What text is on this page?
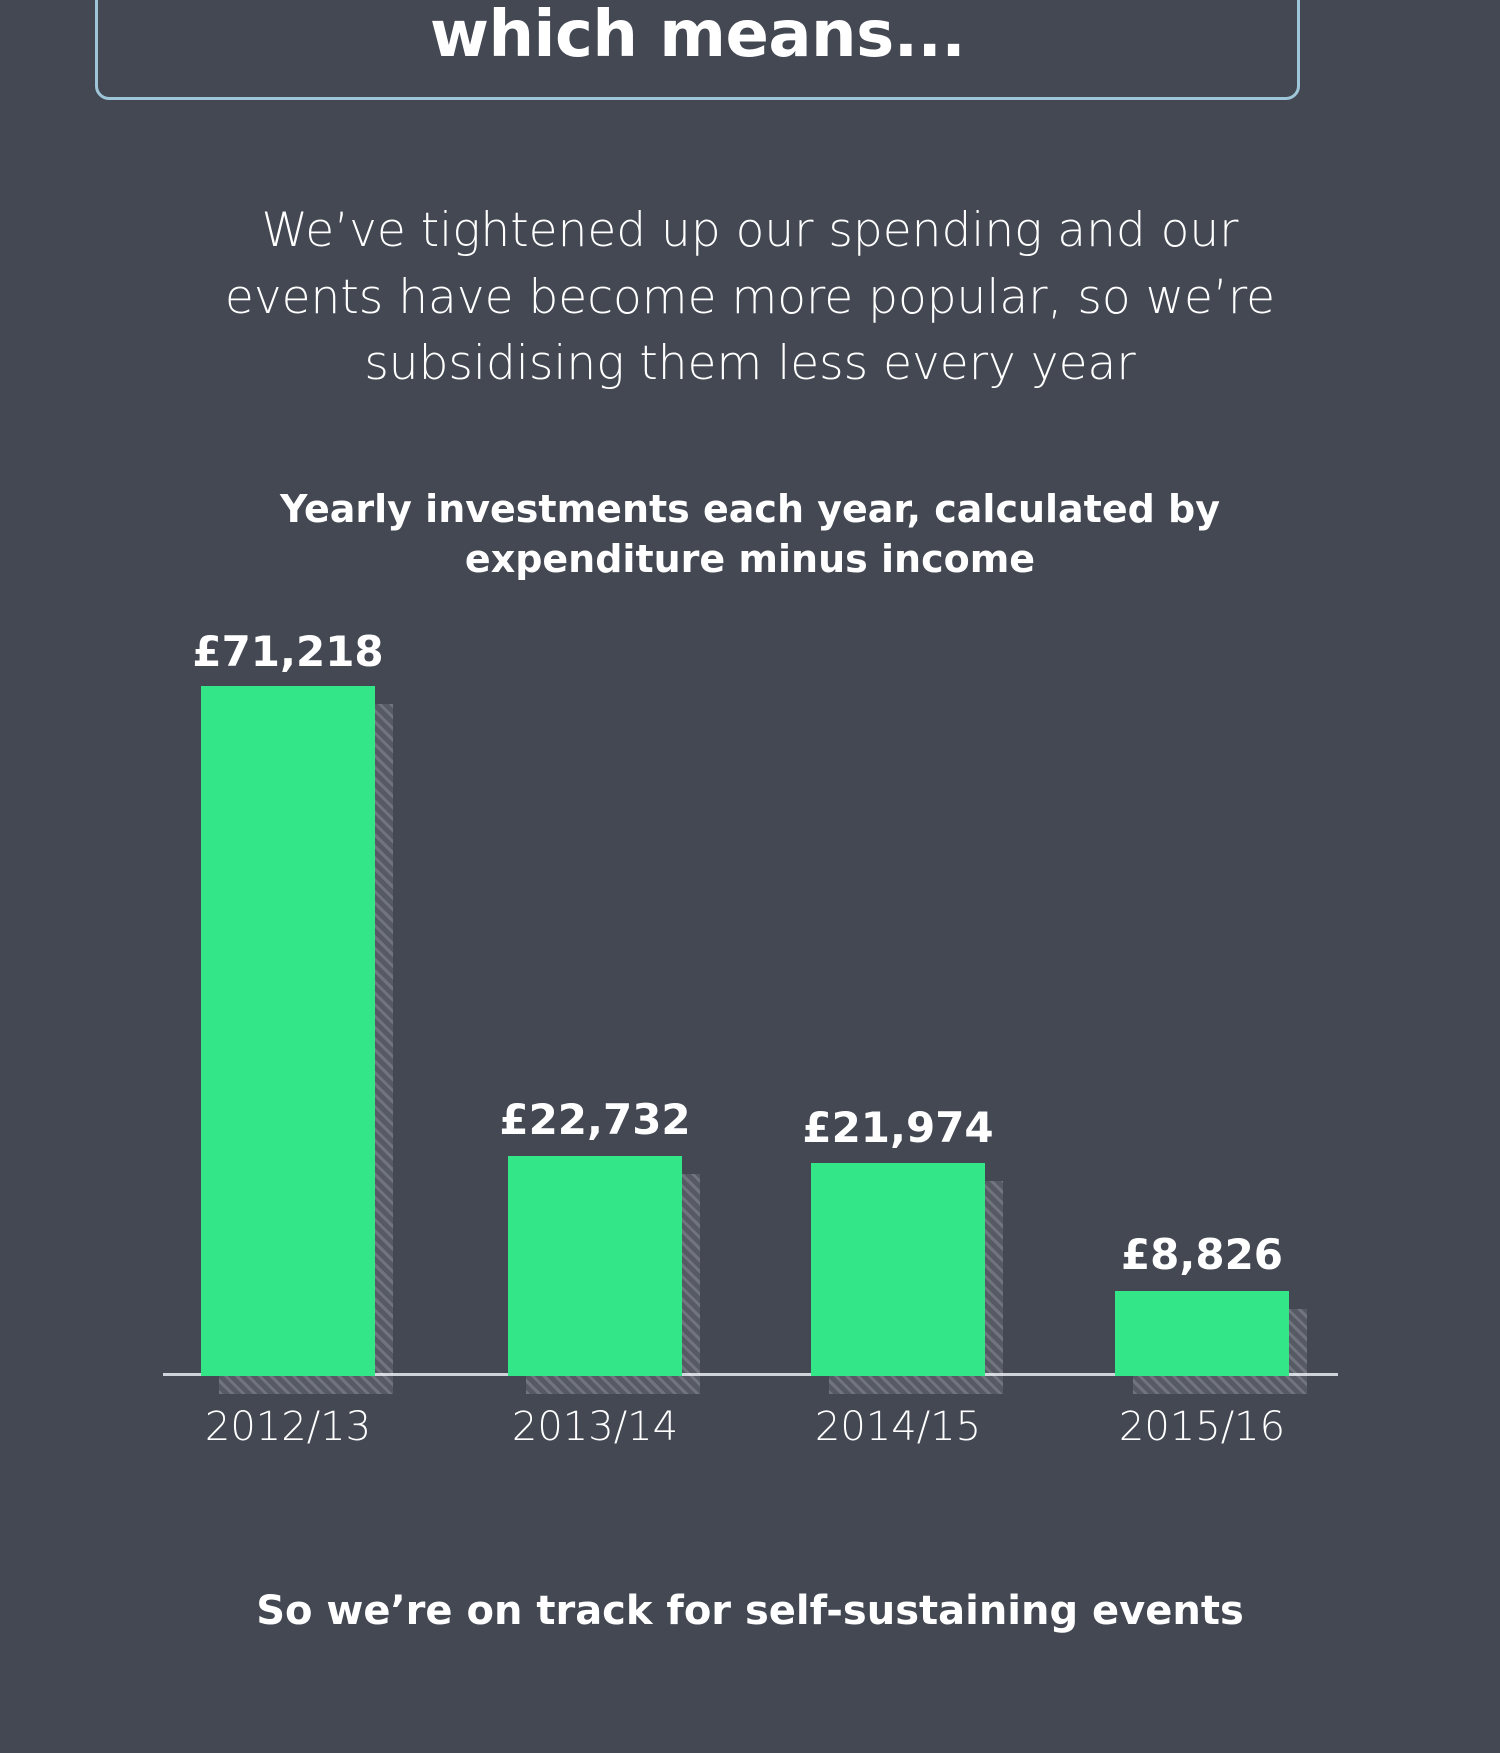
which means...
We’ve tightened up our spending and our events have become more popular, so we’re subsidising them less every year
Yearly investments each year, calculated by expenditure minus income
£71,218
£22,732	£21,974
£8,826
2012/13	2013/14	2014/15	2015/16
So we’re on track for self-sustaining events
